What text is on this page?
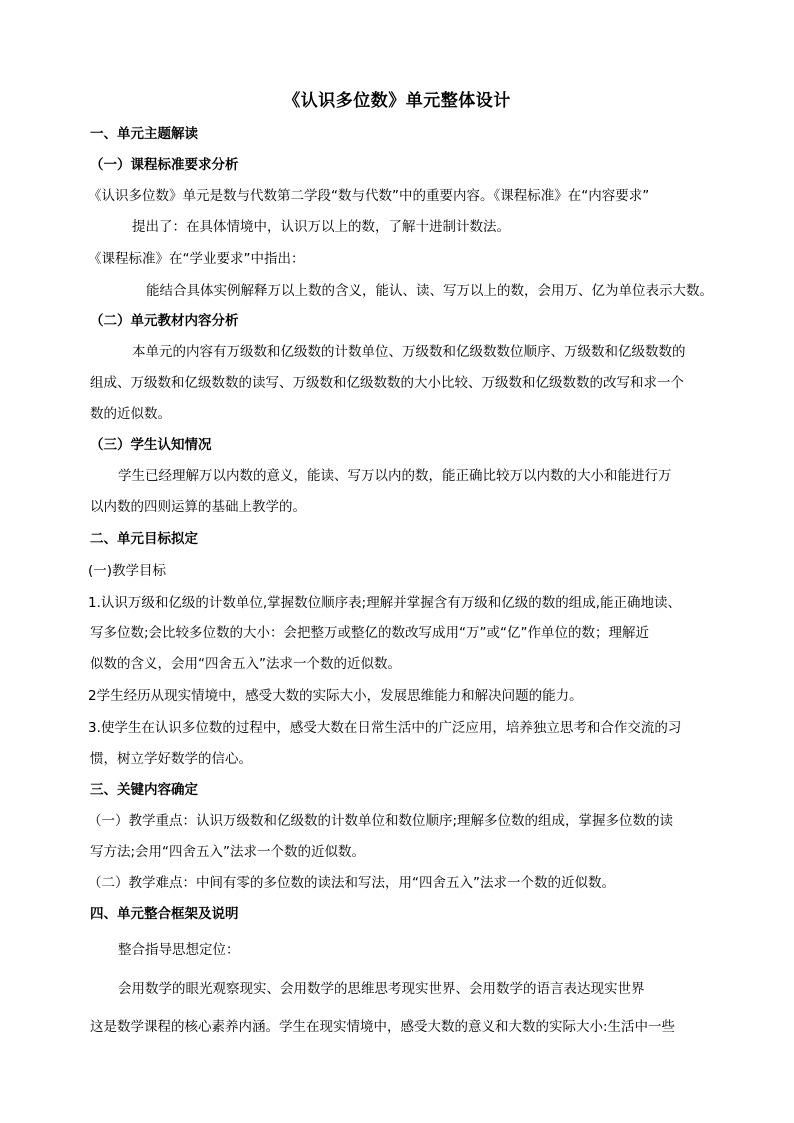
《认识多位数》单元整体设计
一、单元主题解读
（一）课程标准要求分析
《认识多位数》单元是数与代数第二学段“数与代数”中的重要内容。《课程标准》在“内容要求”
提出了：在具体情境中，认识万以上的数，了解十进制计数法。
《课程标准》在“学业要求”中指出：
能结合具体实例解释万以上数的含义，能认、读、写万以上的数，会用万、亿为单位表示大数。
（二）单元教材内容分析
本单元的内容有万级数和亿级数的计数单位、万级数和亿级数数位顺序、万级数和亿级数数的
组成、万级数和亿级数数的读写、万级数和亿级数数的大小比较、万级数和亿级数数的改写和求一个
数的近似数。
（三）学生认知情况
学生已经理解万以内数的意义，能读、写万以内的数，能正确比较万以内数的大小和能进行万
以内数的四则运算的基础上教学的。
二、单元目标拟定
(一)教学目标
1.认识万级和亿级的计数单位,掌握数位顺序表;理解并掌握含有万级和亿级的数的组成,能正确地读、
写多位数;会比较多位数的大小：会把整万或整亿的数改写成用“万”或“亿”作单位的数；理解近
似数的含义，会用“四舍五入”法求一个数的近似数。
2学生经历从现实情境中，感受大数的实际大小，发展思维能力和解决问题的能力。
3.使学生在认识多位数的过程中，感受大数在日常生活中的广泛应用，培养独立思考和合作交流的习
惯，树立学好数学的信心。
三、关键内容确定
（一）教学重点：认识万级数和亿级数的计数单位和数位顺序;理解多位数的组成，掌握多位数的读
写方法;会用“四舍五入”法求一个数的近似数。
（二）教学难点：中间有零的多位数的读法和写法，用“四舍五入”法求一个数的近似数。
四、单元整合框架及说明
整合指导思想定位：
会用数学的眼光观察现实、会用数学的思维思考现实世界、会用数学的语言表达现实世界
这是数学课程的核心素养内涵。学生在现实情境中，感受大数的意义和大数的实际大小:生活中一些
